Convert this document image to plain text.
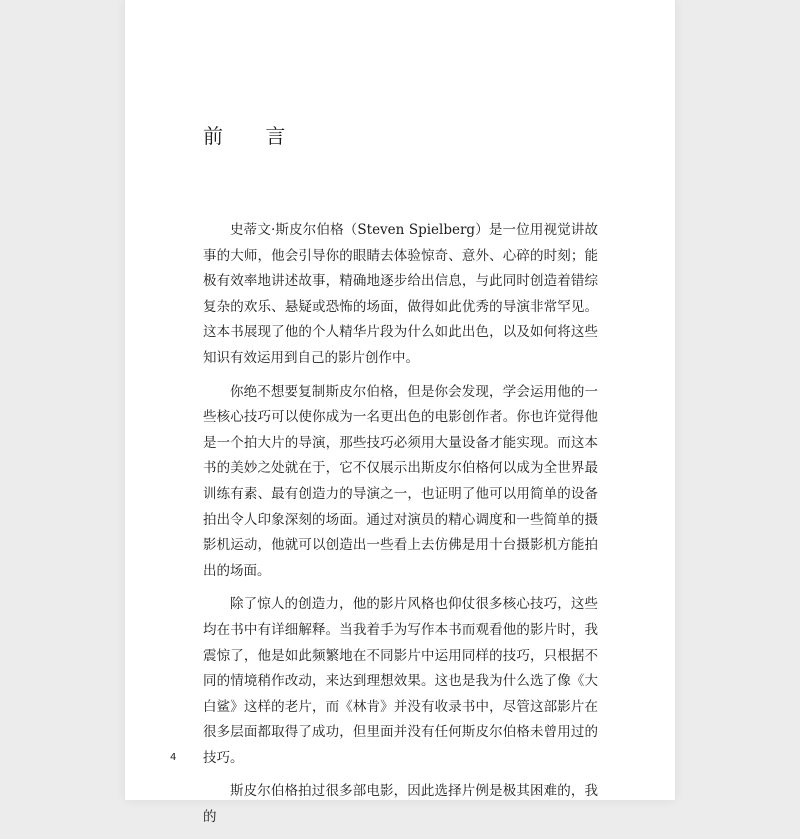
前 言

史蒂文·斯皮尔伯格（Steven Spielberg）是一位用视觉讲故事的大师，他会引导你的眼睛去体验惊奇、意外、心碎的时刻；能极有效率地讲述故事，精确地逐步给出信息，与此同时创造着错综复杂的欢乐、悬疑或恐怖的场面，做得如此优秀的导演非常罕见。这本书展现了他的个人精华片段为什么如此出色，以及如何将这些知识有效运用到自己的影片创作中。

你绝不想要复制斯皮尔伯格，但是你会发现，学会运用他的一些核心技巧可以使你成为一名更出色的电影创作者。你也许觉得他是一个拍大片的导演，那些技巧必须用大量设备才能实现。而这本书的美妙之处就在于，它不仅展示出斯皮尔伯格何以成为全世界最训练有素、最有创造力的导演之一，也证明了他可以用简单的设备拍出令人印象深刻的场面。通过对演员的精心调度和一些简单的摄影机运动，他就可以创造出一些看上去仿佛是用十台摄影机方能拍出的场面。

除了惊人的创造力，他的影片风格也仰仗很多核心技巧，这些均在书中有详细解释。当我着手为写作本书而观看他的影片时，我震惊了，他是如此频繁地在不同影片中运用同样的技巧，只根据不同的情境稍作改动，来达到理想效果。这也是我为什么选了像《大白鲨》这样的老片，而《林肯》并没有收录书中，尽管这部影片在很多层面都取得了成功，但里面并没有任何斯皮尔伯格未曾用过的技巧。

斯皮尔伯格拍过很多部电影，因此选择片例是极其困难的，我的

4
